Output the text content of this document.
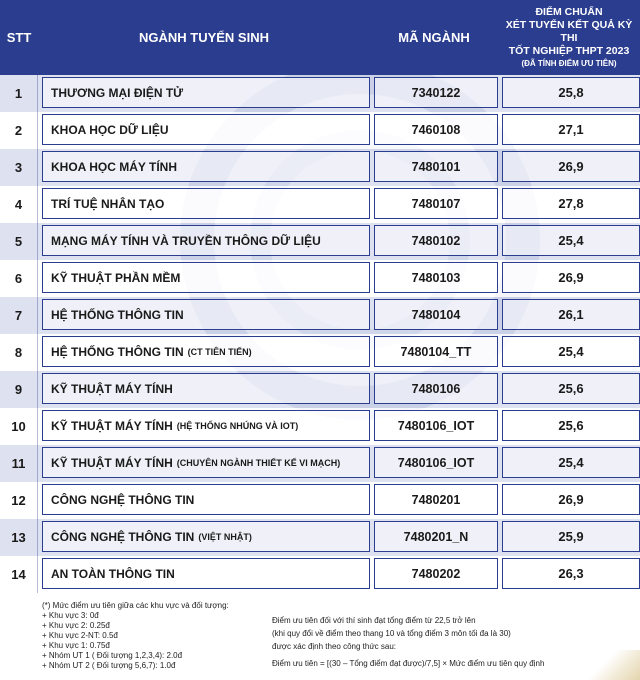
STT	NGÀNH TUYỂN SINH	MÃ NGÀNH
ĐIỂM CHUẨN
XÉT TUYỂN KẾT QUẢ KỲ THI
TỐT NGHIỆP THPT 2023
(ĐÃ TÍNH ĐIỂM ƯU TIÊN)
1	THƯƠNG MẠI ĐIỆN TỬ	7340122	25,8
2	KHOA HỌC DỮ LIỆU	7460108	27,1
3	KHOA HỌC MÁY TÍNH	7480101	26,9
4	TRÍ TUỆ NHÂN TẠO	7480107	27,8
5	MẠNG MÁY TÍNH VÀ TRUYỀN THÔNG DỮ LIỆU	7480102	25,4
6	KỸ THUẬT PHẦN MỀM	7480103	26,9
7	HỆ THỐNG THÔNG TIN	7480104	26,1
8	HỆ THỐNG THÔNG TIN (CT TIÊN TIẾN)	7480104_TT	25,4
9	KỸ THUẬT MÁY TÍNH	7480106	25,6
10	KỸ THUẬT MÁY TÍNH (HỆ THỐNG NHÚNG VÀ IOT)	7480106_IOT	25,6
11	KỸ THUẬT MÁY TÍNH (CHUYÊN NGÀNH THIẾT KẾ VI MẠCH)	7480106_IOT	25,4
12	CÔNG NGHỆ THÔNG TIN	7480201	26,9
13	CÔNG NGHỆ THÔNG TIN (VIỆT NHẬT)	7480201_N	25,9
14	AN TOÀN THÔNG TIN	7480202	26,3
(*) Mức điểm ưu tiên giữa các khu vực và đối tượng:
+ Khu vực 3: 0đ
+ Khu vực 2: 0.25đ
+ Khu vực 2-NT: 0.5đ
+ Khu vực 1: 0.75đ
+ Nhóm UT 1 ( Đối tượng 1,2,3,4): 2.0đ
+ Nhóm UT 2 ( Đối tượng 5,6,7): 1.0đ
Điểm ưu tiên đối với thí sinh đạt tổng điểm từ 22,5 trở lên
(khi quy đổi về điểm theo thang 10 và tổng điểm 3 môn tối đa là 30)
được xác định theo công thức sau:
Điểm ưu tiên = [(30 – Tổng điểm đạt được)/7,5] × Mức điểm ưu tiên quy định
